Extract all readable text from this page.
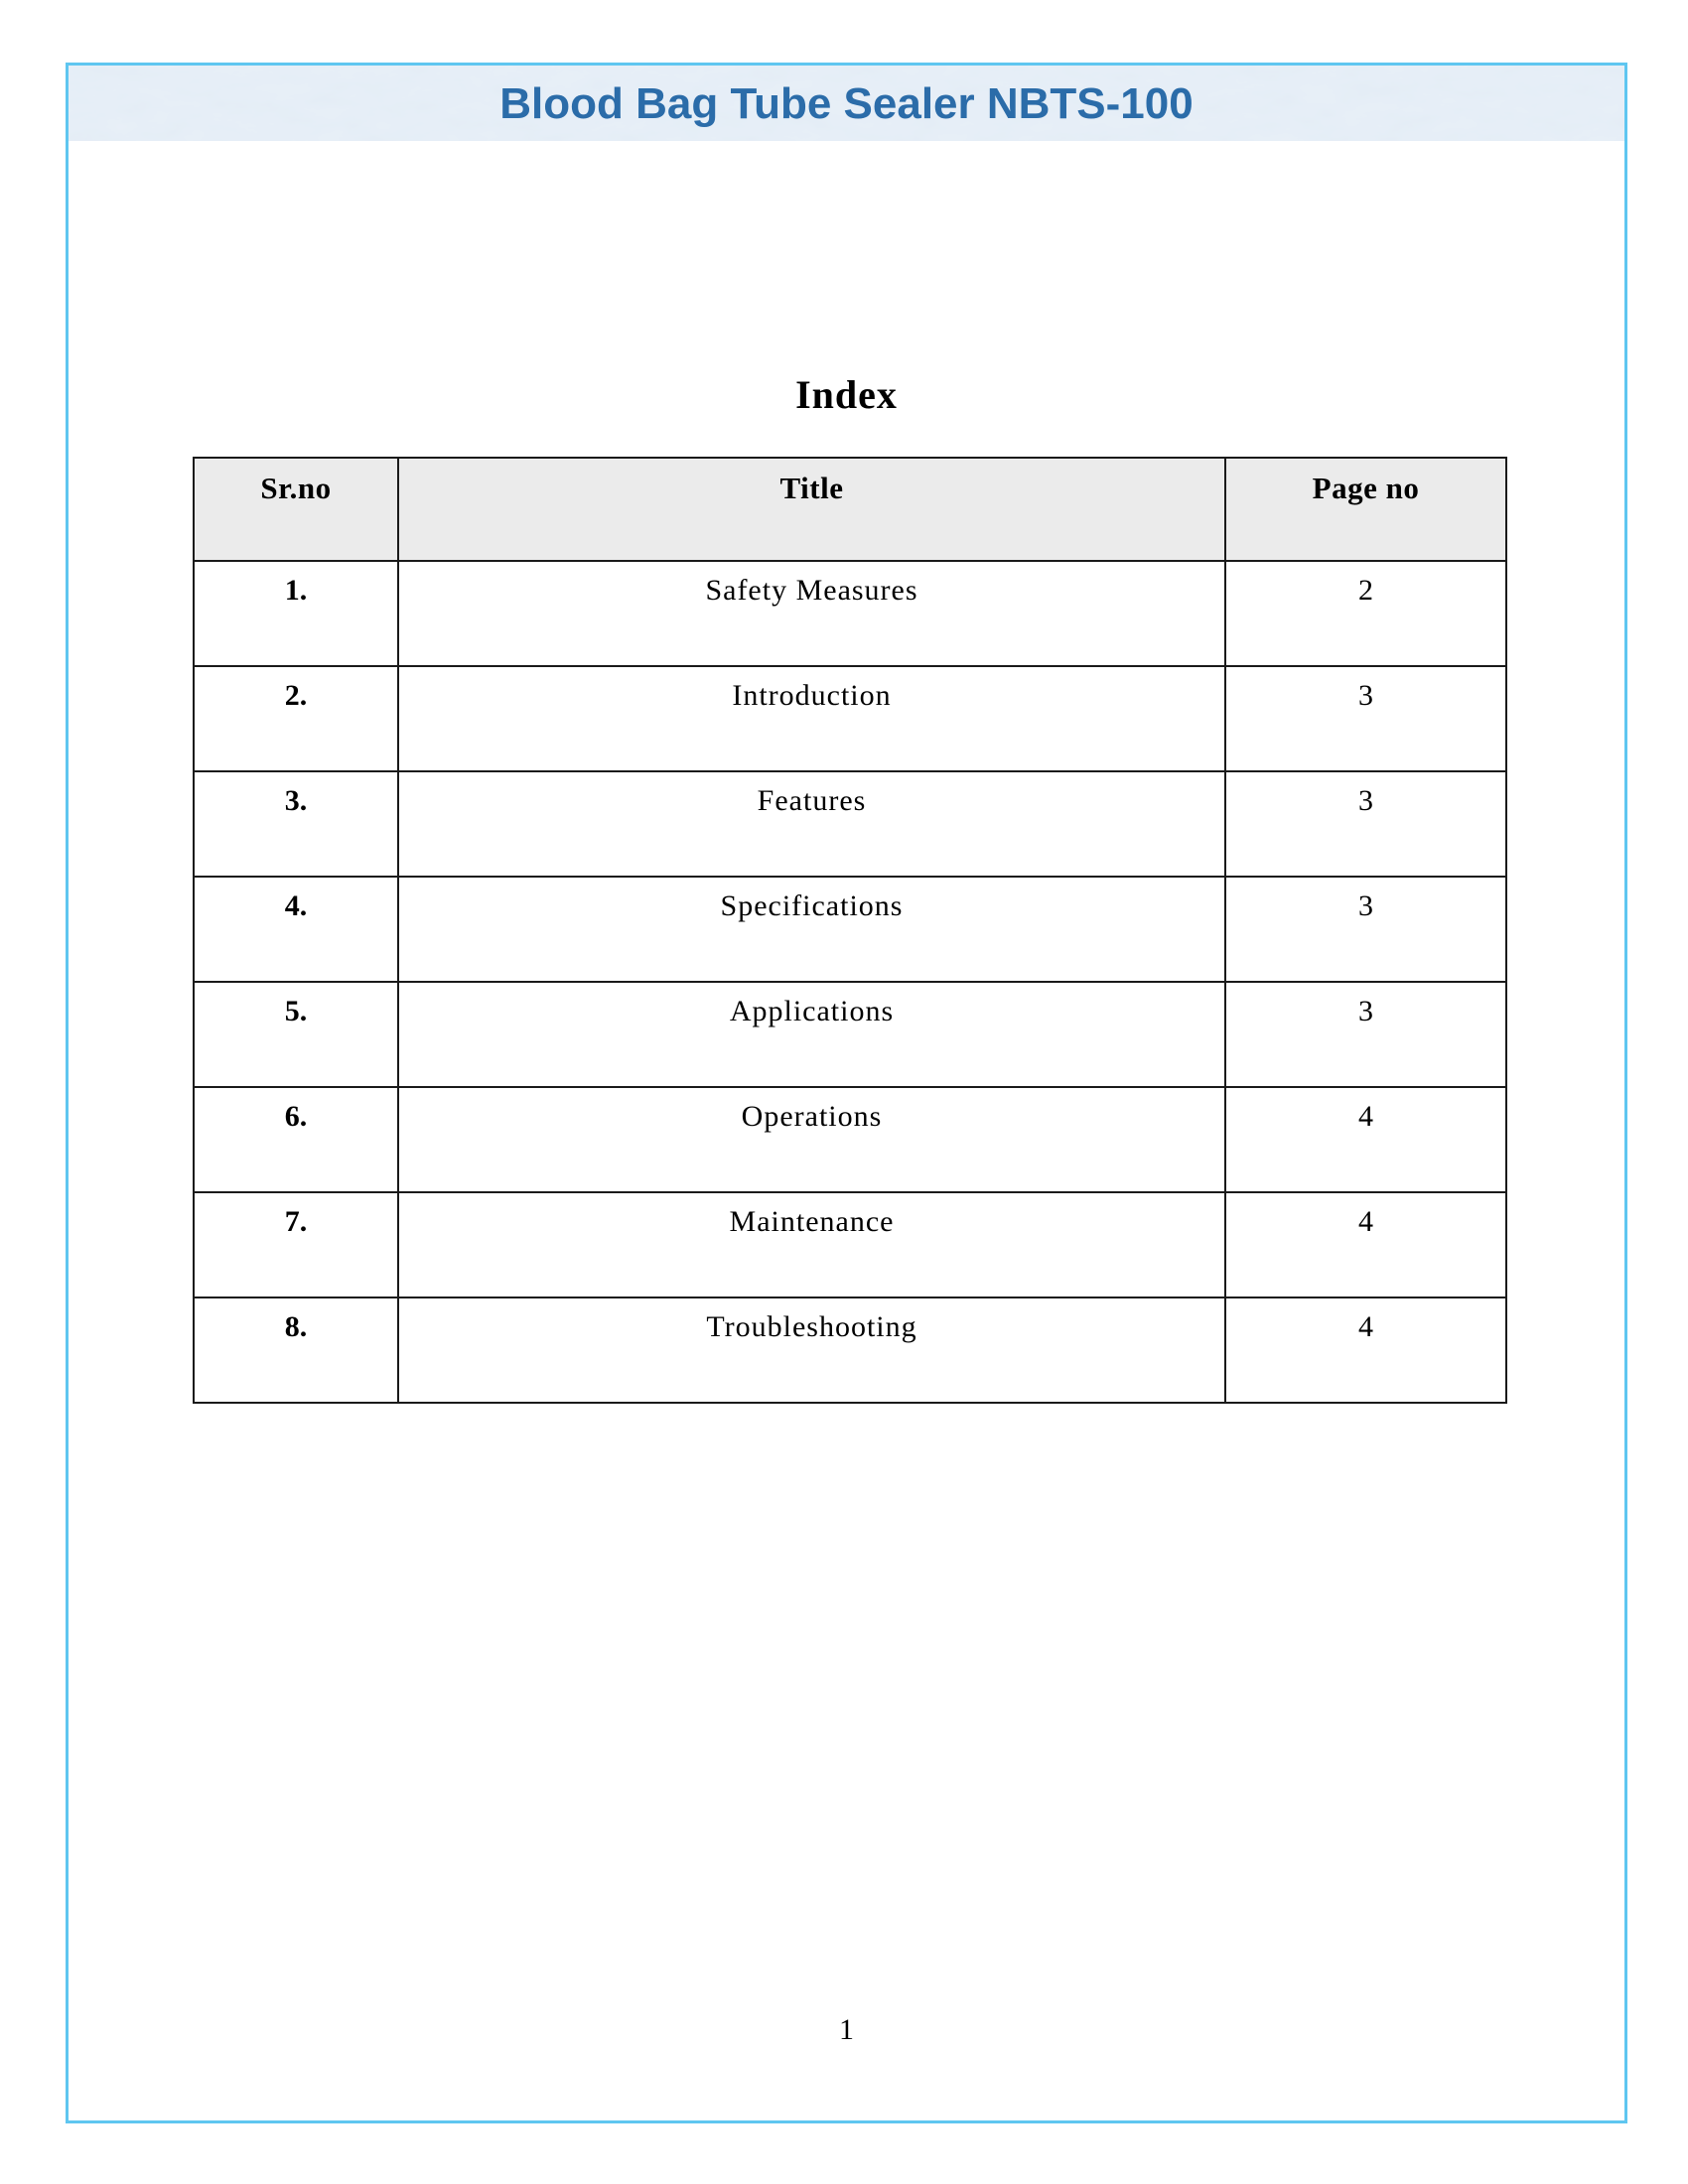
Blood Bag Tube Sealer NBTS-100
Index
Sr.no	Title	Page no
1.	Safety Measures	2
2.	Introduction	3
3.	Features	3
4.	Specifications	3
5.	Applications	3
6.	Operations	4
7.	Maintenance	4
8.	Troubleshooting	4
1
